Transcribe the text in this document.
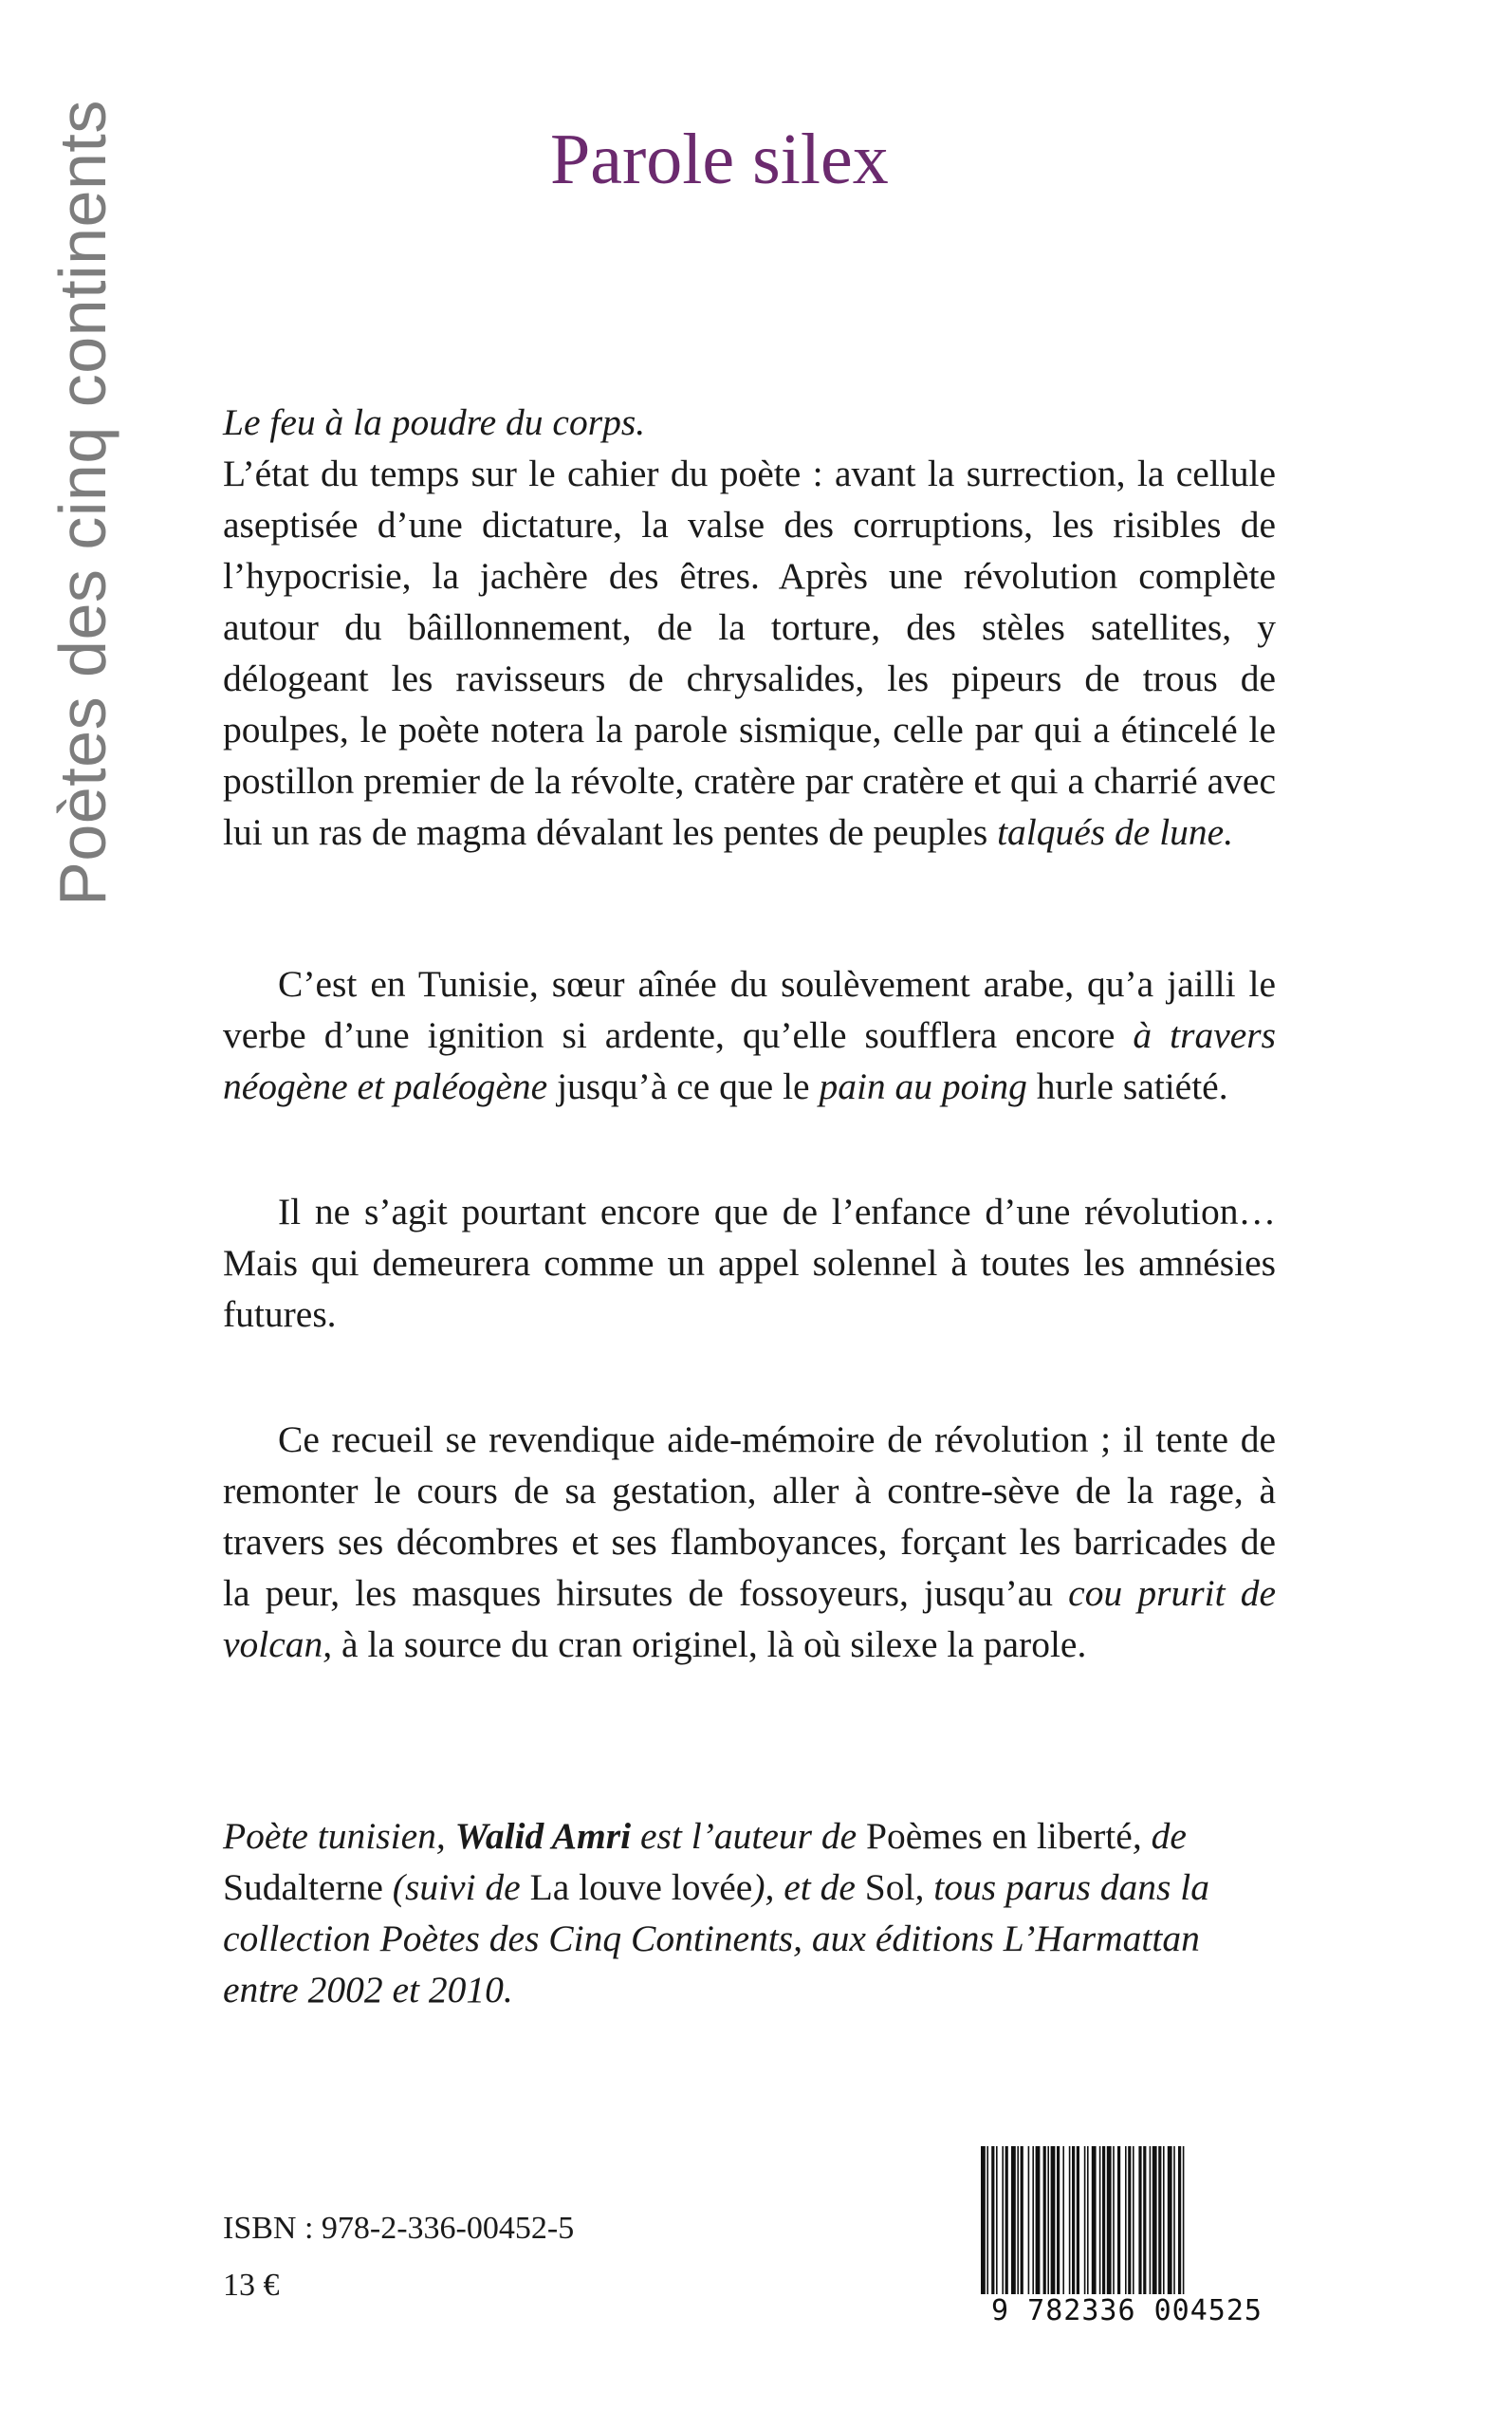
Poètes des cinq continents	Parole silex

Le feu à la poudre du corps.

L’état du temps sur le cahier du poète : avant la surrection, la cellule aseptisée d’une dictature, la valse des corruptions, les risibles de l’hypocrisie, la jachère des êtres. Après une révolution complète autour du bâillonnement, de la torture, des stèles satellites, y délogeant les ravisseurs de chrysalides, les pipeurs de trous de poulpes, le poète notera la parole sismique, celle par qui a étincelé le postillon premier de la révolte, cratère par cratère et qui a charrié avec lui un ras de magma dévalant les pentes de peuples talqués de lune.

C’est en Tunisie, sœur aînée du soulèvement arabe, qu’a jailli le verbe d’une ignition si ardente, qu’elle soufflera encore à travers néogène et paléogène jusqu’à ce que le pain au poing hurle satiété.

Il ne s’agit pourtant encore que de l’enfance d’une révolution… Mais qui demeurera comme un appel solennel à toutes les amnésies futures.

Ce recueil se revendique aide-mémoire de révolution ; il tente de remonter le cours de sa gestation, aller à contre-sève de la rage, à travers ses décombres et ses flamboyances, forçant les barricades de la peur, les masques hirsutes de fossoyeurs, jusqu’au cou prurit de volcan, à la source du cran originel, là où silexe la parole.

Poète tunisien, Walid Amri est l’auteur de Poèmes en liberté, de Sudalterne (suivi de La louve lovée), et de Sol, tous parus dans la collection Poètes des Cinq Continents, aux éditions L’Harmattan entre 2002 et 2010.

ISBN : 978-2-336-00452-5
13 €
9 782336 004525
